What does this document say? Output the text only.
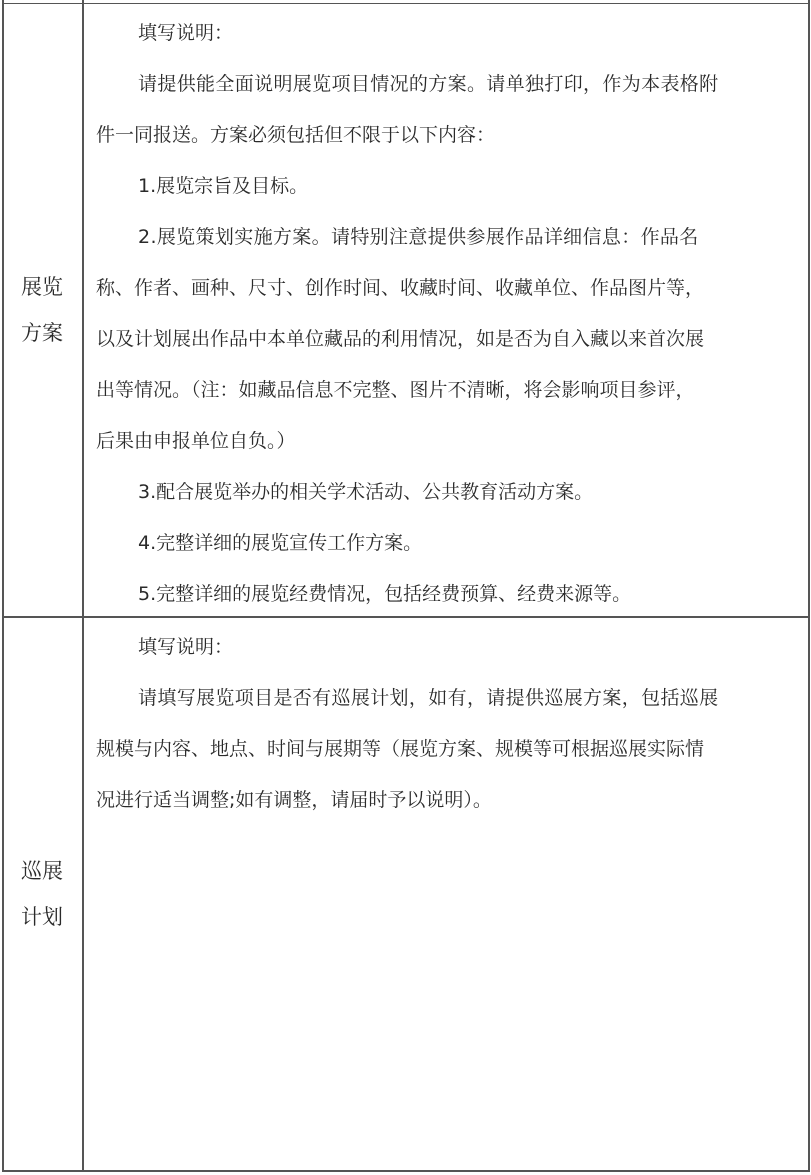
展览
方案

填写说明：

请提供能全面说明展览项目情况的方案。请单独打印，作为本表格附

件一同报送。方案必须包括但不限于以下内容：

1.展览宗旨及目标。

2.展览策划实施方案。请特别注意提供参展作品详细信息：作品名

称、作者、画种、尺寸、创作时间、收藏时间、收藏单位、作品图片等，

以及计划展出作品中本单位藏品的利用情况，如是否为自入藏以来首次展

出等情况。（注：如藏品信息不完整、图片不清晰，将会影响项目参评，

后果由申报单位自负。）

3.配合展览举办的相关学术活动、公共教育活动方案。

4.完整详细的展览宣传工作方案。

5.完整详细的展览经费情况，包括经费预算、经费来源等。

巡展
计划

填写说明：

请填写展览项目是否有巡展计划，如有，请提供巡展方案，包括巡展

规模与内容、地点、时间与展期等（展览方案、规模等可根据巡展实际情

况进行适当调整;如有调整，请届时予以说明）。
